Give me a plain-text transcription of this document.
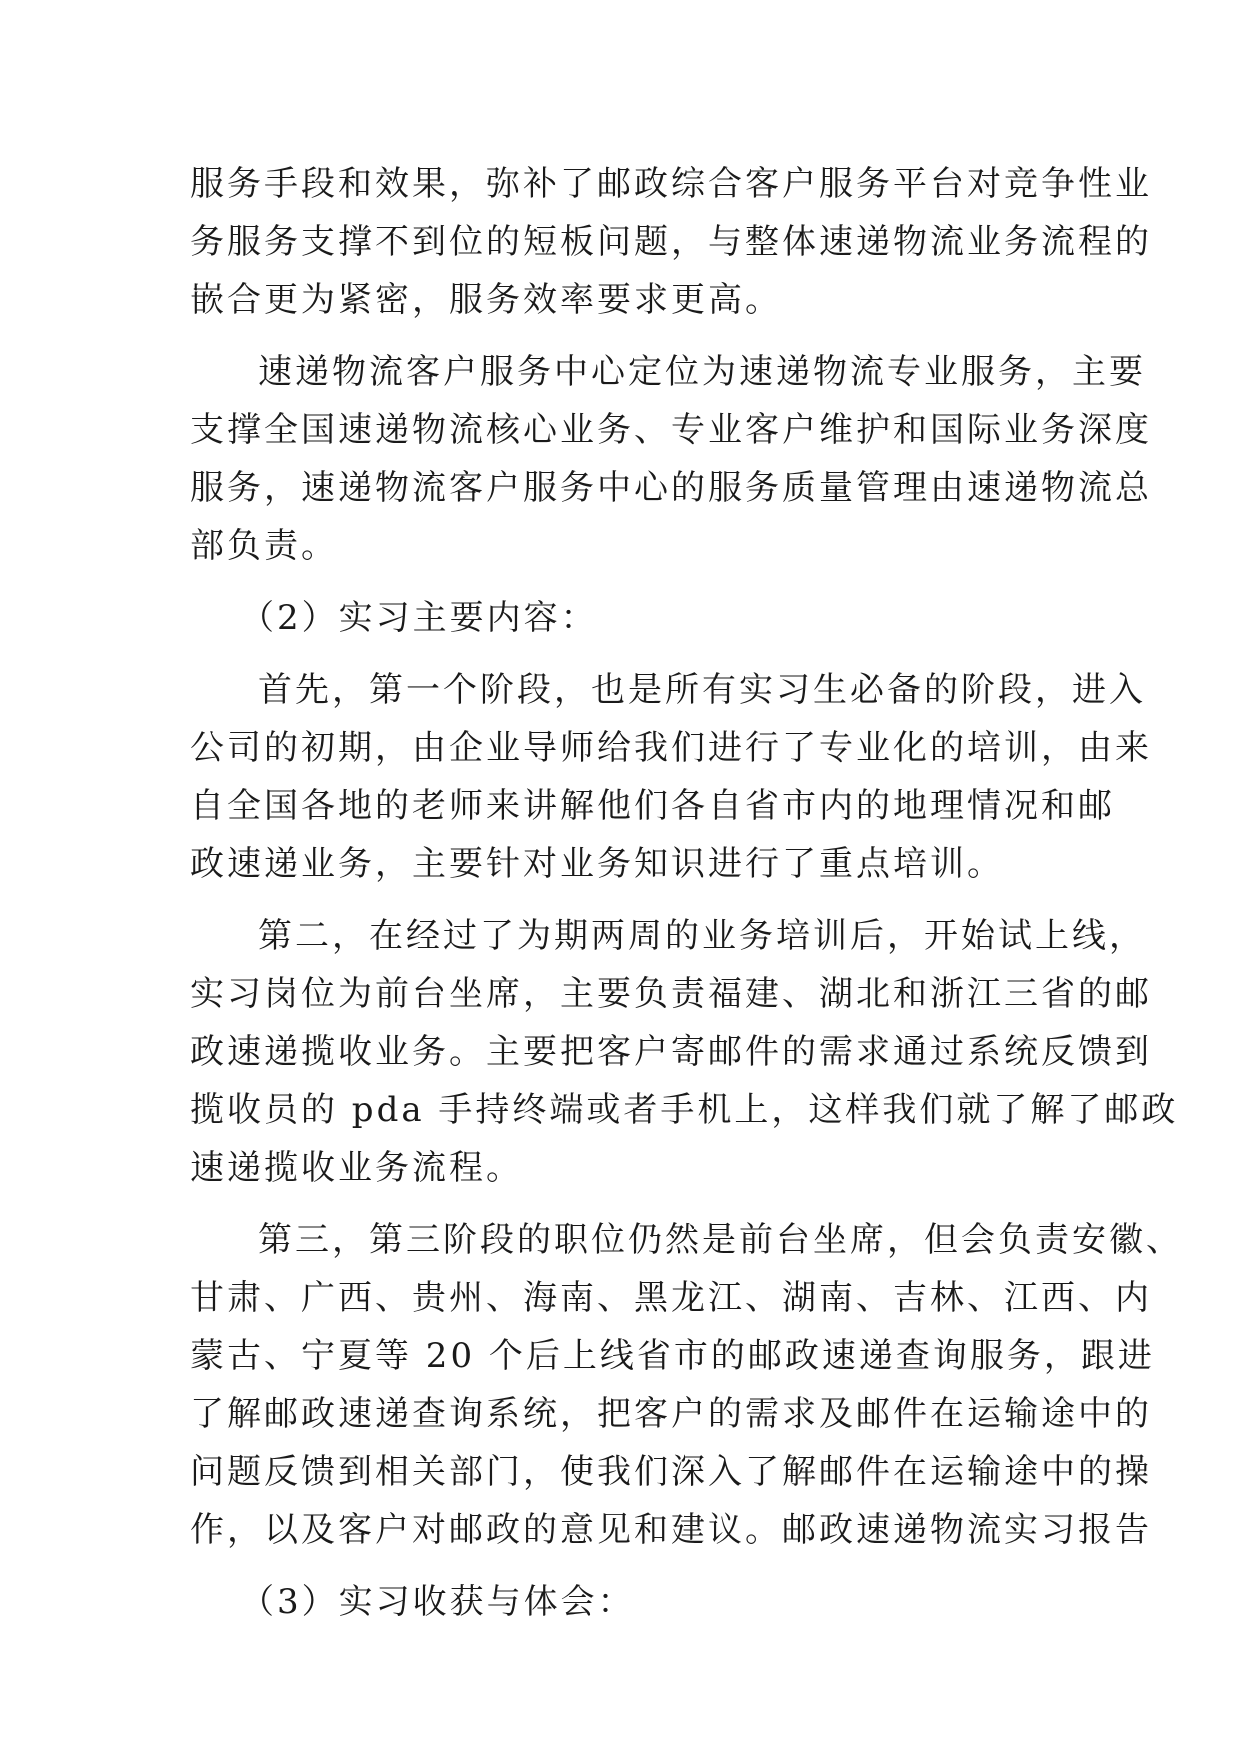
服务手段和效果，弥补了邮政综合客户服务平台对竞争性业
务服务支撑不到位的短板问题，与整体速递物流业务流程的
嵌合更为紧密，服务效率要求更高。
速递物流客户服务中心定位为速递物流专业服务，主要
支撑全国速递物流核心业务、专业客户维护和国际业务深度
服务，速递物流客户服务中心的服务质量管理由速递物流总
部负责。
（2）实习主要内容：
首先，第一个阶段，也是所有实习生必备的阶段，进入
公司的初期，由企业导师给我们进行了专业化的培训，由来
自全国各地的老师来讲解他们各自省市内的地理情况和邮
政速递业务，主要针对业务知识进行了重点培训。
第二，在经过了为期两周的业务培训后，开始试上线，
实习岗位为前台坐席，主要负责福建、湖北和浙江三省的邮
政速递揽收业务。主要把客户寄邮件的需求通过系统反馈到
揽收员的 pda 手持终端或者手机上，这样我们就了解了邮政
速递揽收业务流程。
第三，第三阶段的职位仍然是前台坐席，但会负责安徽、
甘肃、广西、贵州、海南、黑龙江、湖南、吉林、江西、内
蒙古、宁夏等 20 个后上线省市的邮政速递查询服务，跟进
了解邮政速递查询系统，把客户的需求及邮件在运输途中的
问题反馈到相关部门，使我们深入了解邮件在运输途中的操
作，以及客户对邮政的意见和建议。邮政速递物流实习报告
（3）实习收获与体会：
